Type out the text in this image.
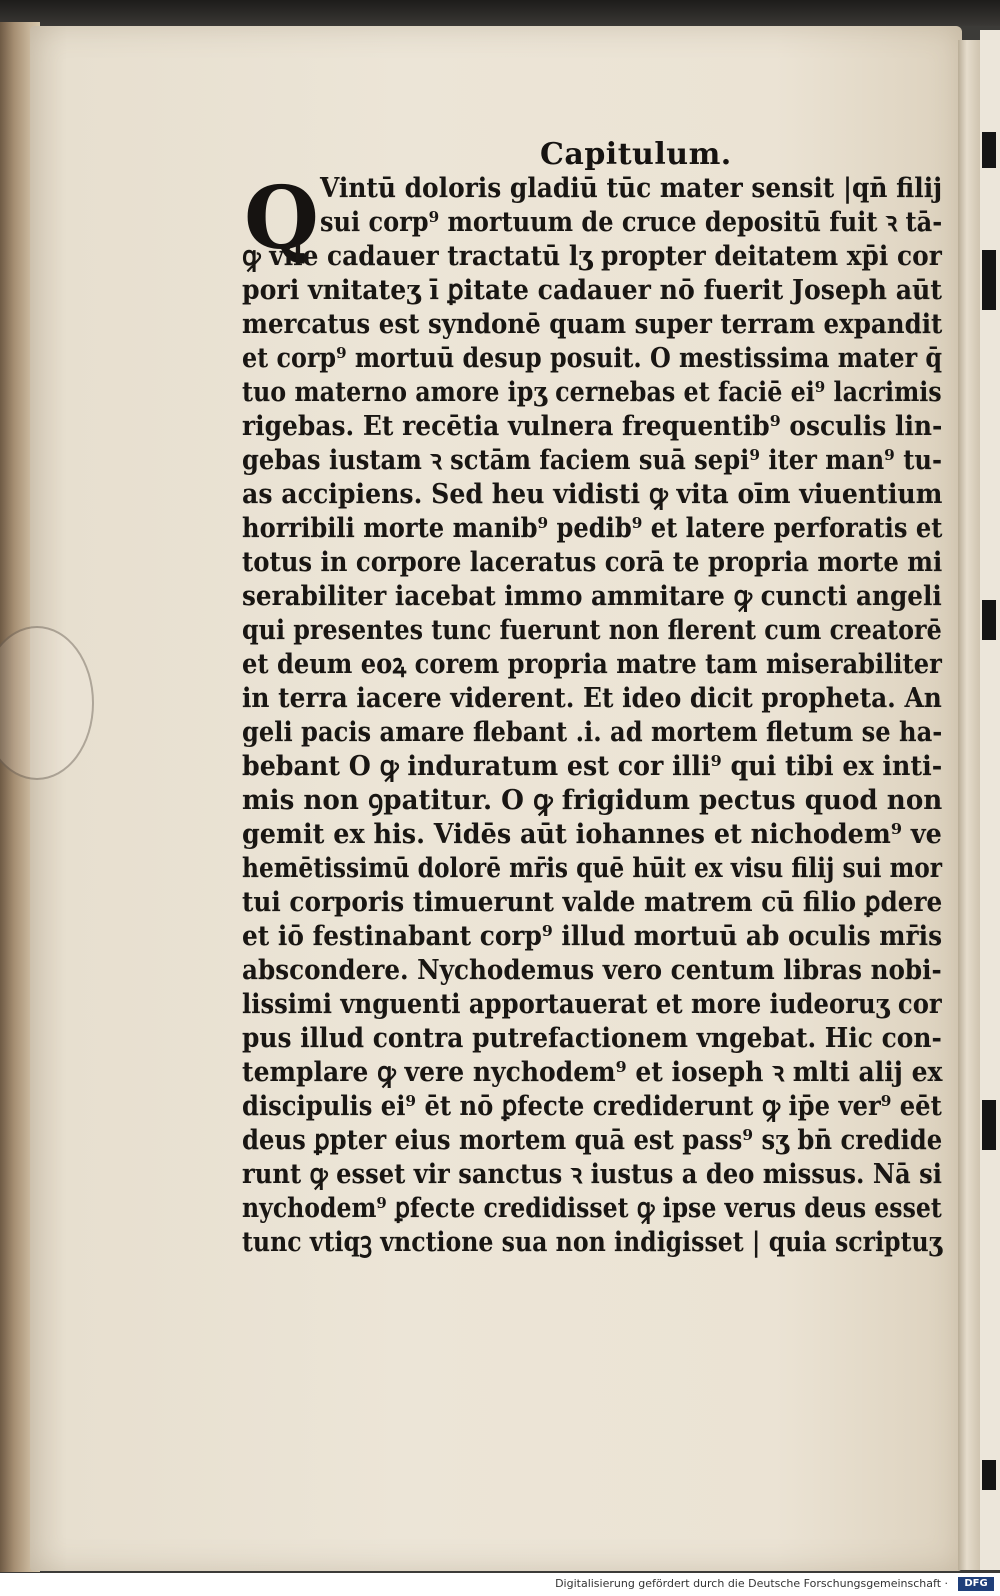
Capitulum.
Q Vintū doloris gladiū tūc mater sensit |qn̄ filij
sui corp⁹ mortuum de cruce depositū fuit ꝛ tā-
ꝙ vile cadauer tractatū lʒ propter deitatem xp̄i cor
pori vnitateʒ ī ꝑitate cadauer nō fuerit Joseph aūt
mercatus est syndonē quam super terram expandit
et corp⁹ mortuū desup posuit. O mestissima mater q̄
tuo materno amore ipʒ cernebas et faciē ei⁹ lacrimis
rigebas. Et recētia vulnera frequentib⁹ osculis lin-
gebas iustam ꝛ sctām faciem suā sepi⁹ iter man⁹ tu-
as accipiens. Sed heu vidisti ꝙ vita oīm viuentium
horribili morte manib⁹ pedib⁹ et latere perforatis et
totus in corpore laceratus corā te propria morte mi
serabiliter iacebat immo ammitare ꝙ cuncti angeli
qui presentes tunc fuerunt non flerent cum creatorē
et deum eoꝝ corem propria matre tam miserabiliter
in terra iacere viderent. Et ideo dicit propheta. An
geli pacis amare flebant .i. ad mortem fletum se ha-
bebant O ꝙ induratum est cor illi⁹ qui tibi ex inti-
mis non ꝯpatitur. O ꝙ frigidum pectus quod non
gemit ex his. Vidēs aūt iohannes et nichodem⁹ ve
hemētissimū dolorē mr̄is quē hūit ex visu filij sui mor
tui corporis timuerunt valde matrem cū filio ꝑdere
et iō festinabant corp⁹ illud mortuū ab oculis mr̄is
abscondere. Nychodemus vero centum libras nobi-
lissimi vnguenti apportauerat et more iudeoruʒ cor
pus illud contra putrefactionem vngebat. Hic con-
templare ꝙ vere nychodem⁹ et ioseph ꝛ mlti alij ex
discipulis ei⁹ ēt nō ꝑfecte crediderunt ꝙ ip̄e ver⁹ eēt
deus ꝑpter eius mortem quā est pass⁹ sʒ bn̄ credide
runt ꝙ esset vir sanctus ꝛ iustus a deo missus. Nā si
nychodem⁹ ꝑfecte credidisset ꝙ ipse verus deus esset
tunc vtiqꝫ vnctione sua non indigisset | quia scriptuʒ
Digitalisierung gefördert durch die Deutsche Forschungsgemeinschaft ·	DFG
